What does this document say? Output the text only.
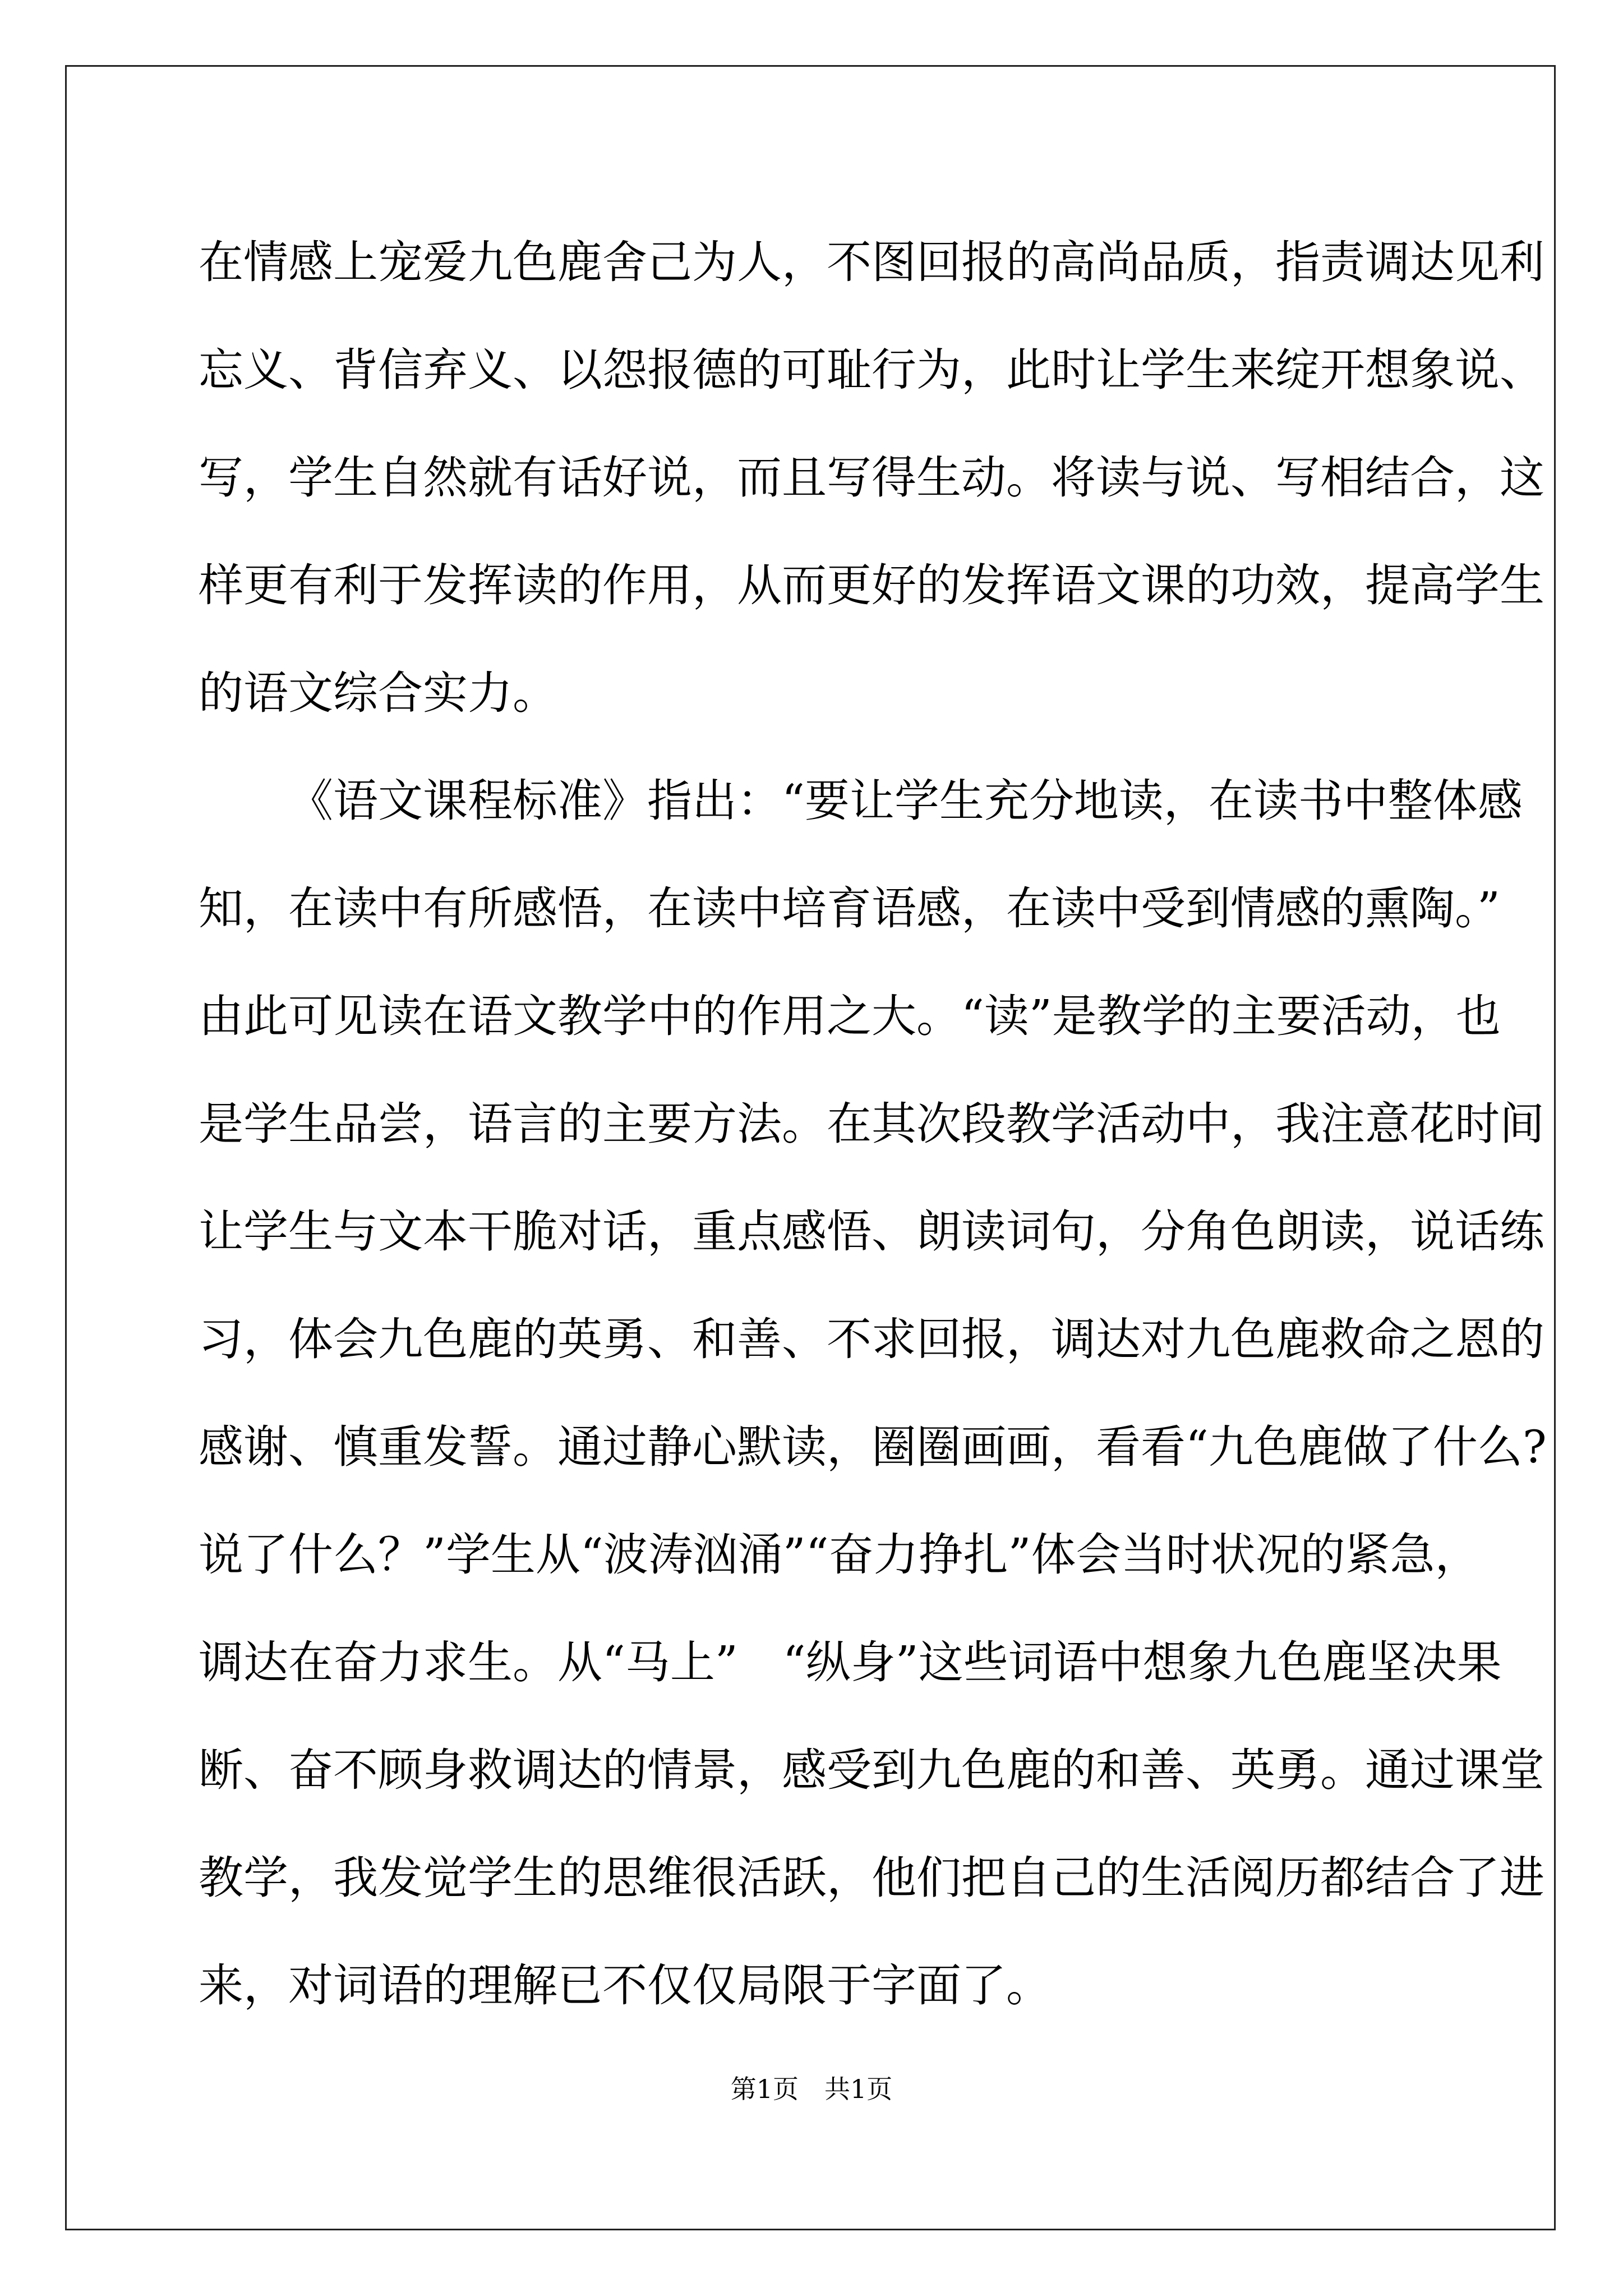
在情感上宠爱九色鹿舍己为人，不图回报的高尚品质，指责调达见利
忘义、背信弃义、以怨报德的可耻行为，此时让学生来绽开想象说、
写，学生自然就有话好说，而且写得生动。将读与说、写相结合，这
样更有利于发挥读的作用，从而更好的发挥语文课的功效，提高学生
的语文综合实力。
《语文课程标准》指出：“要让学生充分地读，在读书中整体感
知，在读中有所感悟，在读中培育语感，在读中受到情感的熏陶。”
由此可见读在语文教学中的作用之大。“读”是教学的主要活动，也
是学生品尝，语言的主要方法。在其次段教学活动中，我注意花时间
让学生与文本干脆对话，重点感悟、朗读词句，分角色朗读，说话练
习，体会九色鹿的英勇、和善、不求回报，调达对九色鹿救命之恩的
感谢、慎重发誓。通过静心默读，圈圈画画，看看“九色鹿做了什么?
说了什么？”学生从“波涛汹涌”“奋力挣扎”体会当时状况的紧急，
调达在奋力求生。从“马上”　“纵身”这些词语中想象九色鹿坚决果
断、奋不顾身救调达的情景，感受到九色鹿的和善、英勇。通过课堂
教学，我发觉学生的思维很活跃，他们把自己的生活阅历都结合了进
来，对词语的理解已不仅仅局限于字面了。
第1页　共1页
